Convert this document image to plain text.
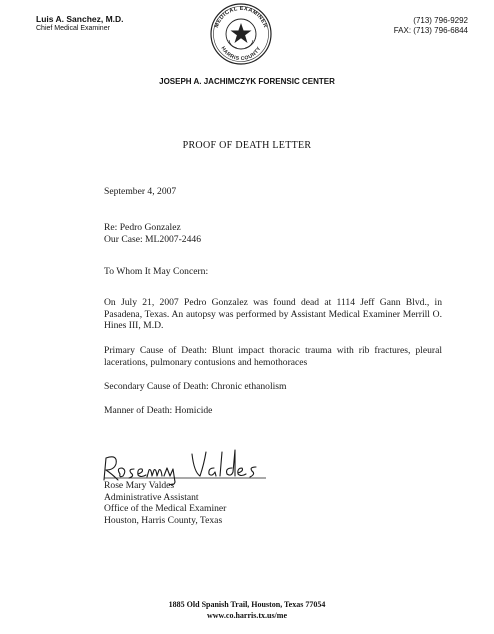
Luis A. Sanchez, M.D.
Chief Medical Examiner	MEDICAL EXAMINER
HARRIS COUNTY
(713) 796-9292
FAX: (713) 796-6844
JOSEPH A. JACHIMCZYK FORENSIC CENTER
PROOF OF DEATH LETTER
September 4, 2007
Re: Pedro Gonzalez
Our Case: ML2007-2446
To Whom It May Concern:
On July 21, 2007 Pedro Gonzalez was found dead at 1114 Jeff Gann Blvd., in Pasadena, Texas. An autopsy was performed by Assistant Medical Examiner Merrill O. Hines III, M.D.
Primary Cause of Death: Blunt impact thoracic trauma with rib fractures, pleural lacerations, pulmonary contusions and hemothoraces
Secondary Cause of Death: Chronic ethanolism
Manner of Death: Homicide
Rose Mary Valdes
Administrative Assistant
Office of the Medical Examiner
Houston, Harris County, Texas
1885 Old Spanish Trail, Houston, Texas 77054
www.co.harris.tx.us/me
